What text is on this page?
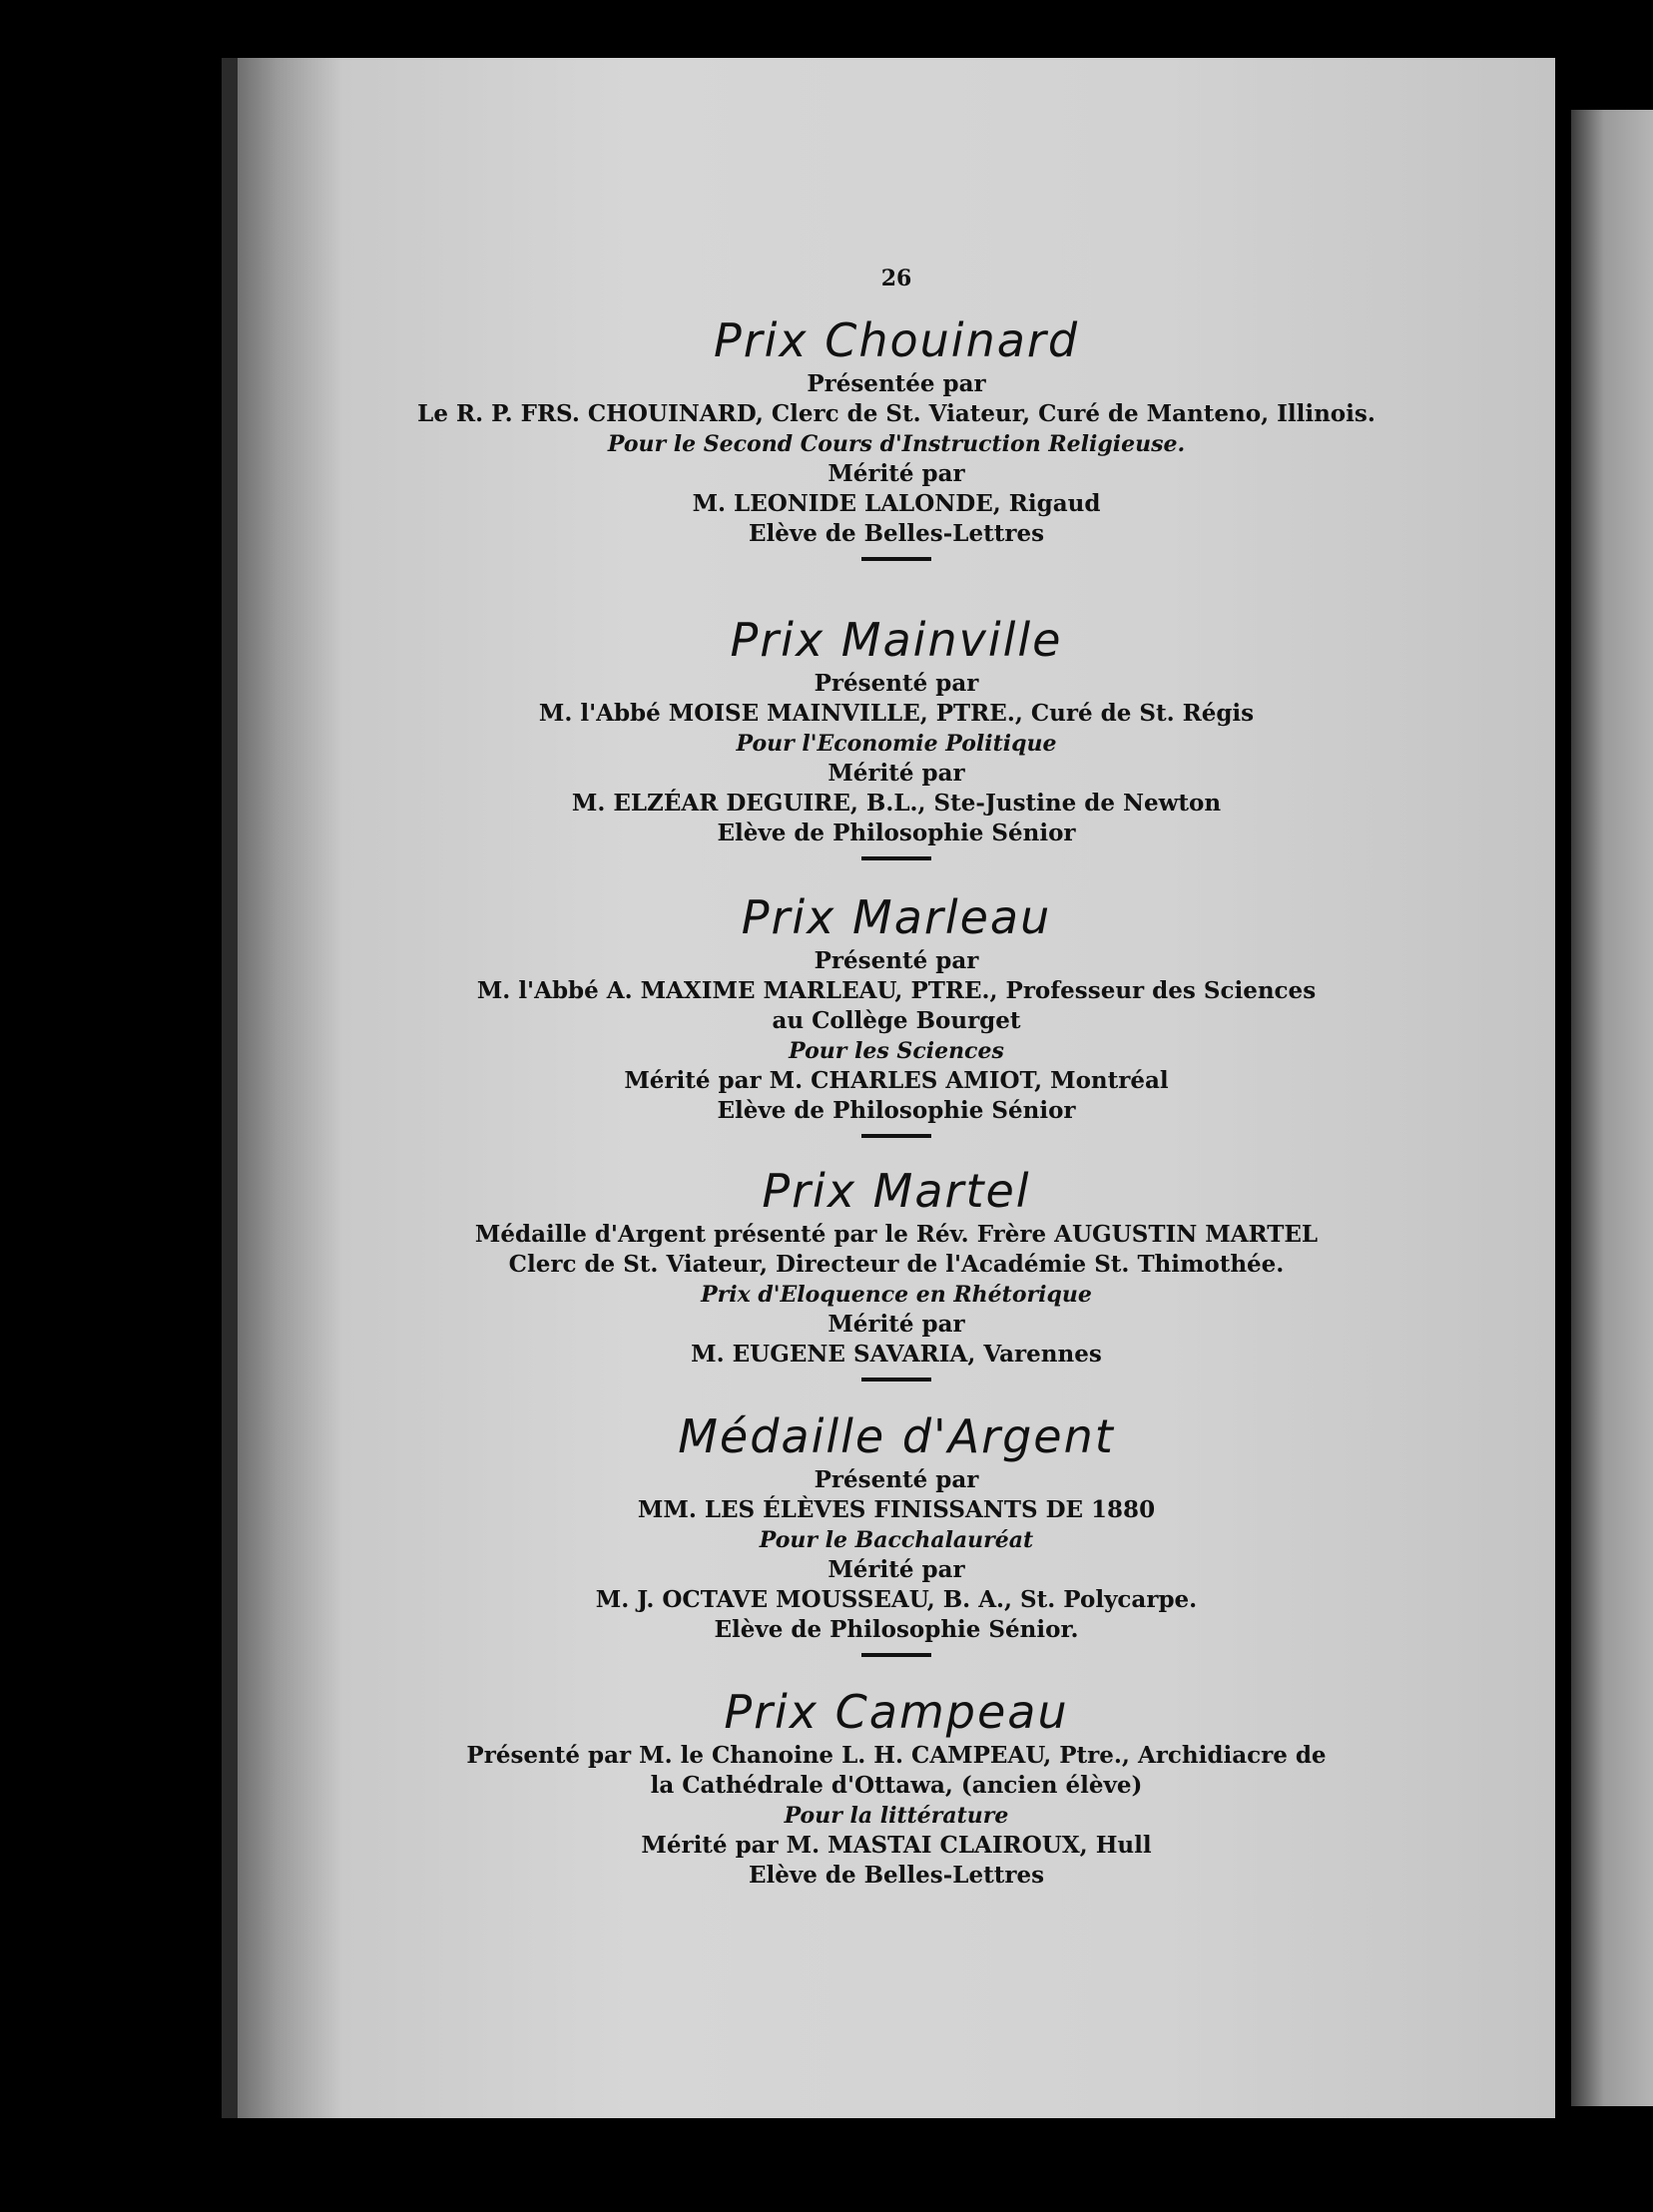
26
Prix Chouinard
Présentée par
Le R. P. FRS. CHOUINARD, Clerc de St. Viateur, Curé de Manteno, Illinois.
Pour le Second Cours d'Instruction Religieuse.
Mérité par
M. LEONIDE LALONDE, Rigaud
Elève de Belles-Lettres
Prix Mainville
Présenté par
M. l'Abbé MOISE MAINVILLE, PTRE., Curé de St. Régis
Pour l'Economie Politique
Mérité par
M. ELZÉAR DEGUIRE, B.L., Ste-Justine de Newton
Elève de Philosophie Sénior
Prix Marleau
Présenté par
M. l'Abbé A. MAXIME MARLEAU, PTRE., Professeur des Sciences
au Collège Bourget
Pour les Sciences
Mérité par M. CHARLES AMIOT, Montréal
Elève de Philosophie Sénior
Prix Martel
Médaille d'Argent présenté par le Rév. Frère AUGUSTIN MARTEL
Clerc de St. Viateur, Directeur de l'Académie St. Thimothée.
Prix d'Eloquence en Rhétorique
Mérité par
M. EUGENE SAVARIA, Varennes
Médaille d'Argent
Présenté par
MM. LES ÉLÈVES FINISSANTS DE 1880
Pour le Bacchalauréat
Mérité par
M. J. OCTAVE MOUSSEAU, B. A., St. Polycarpe.
Elève de Philosophie Sénior.
Prix Campeau
Présenté par M. le Chanoine L. H. CAMPEAU, Ptre., Archidiacre de
la Cathédrale d'Ottawa, (ancien élève)
Pour la littérature
Mérité par M. MASTAI CLAIROUX, Hull
Elève de Belles-Lettres
